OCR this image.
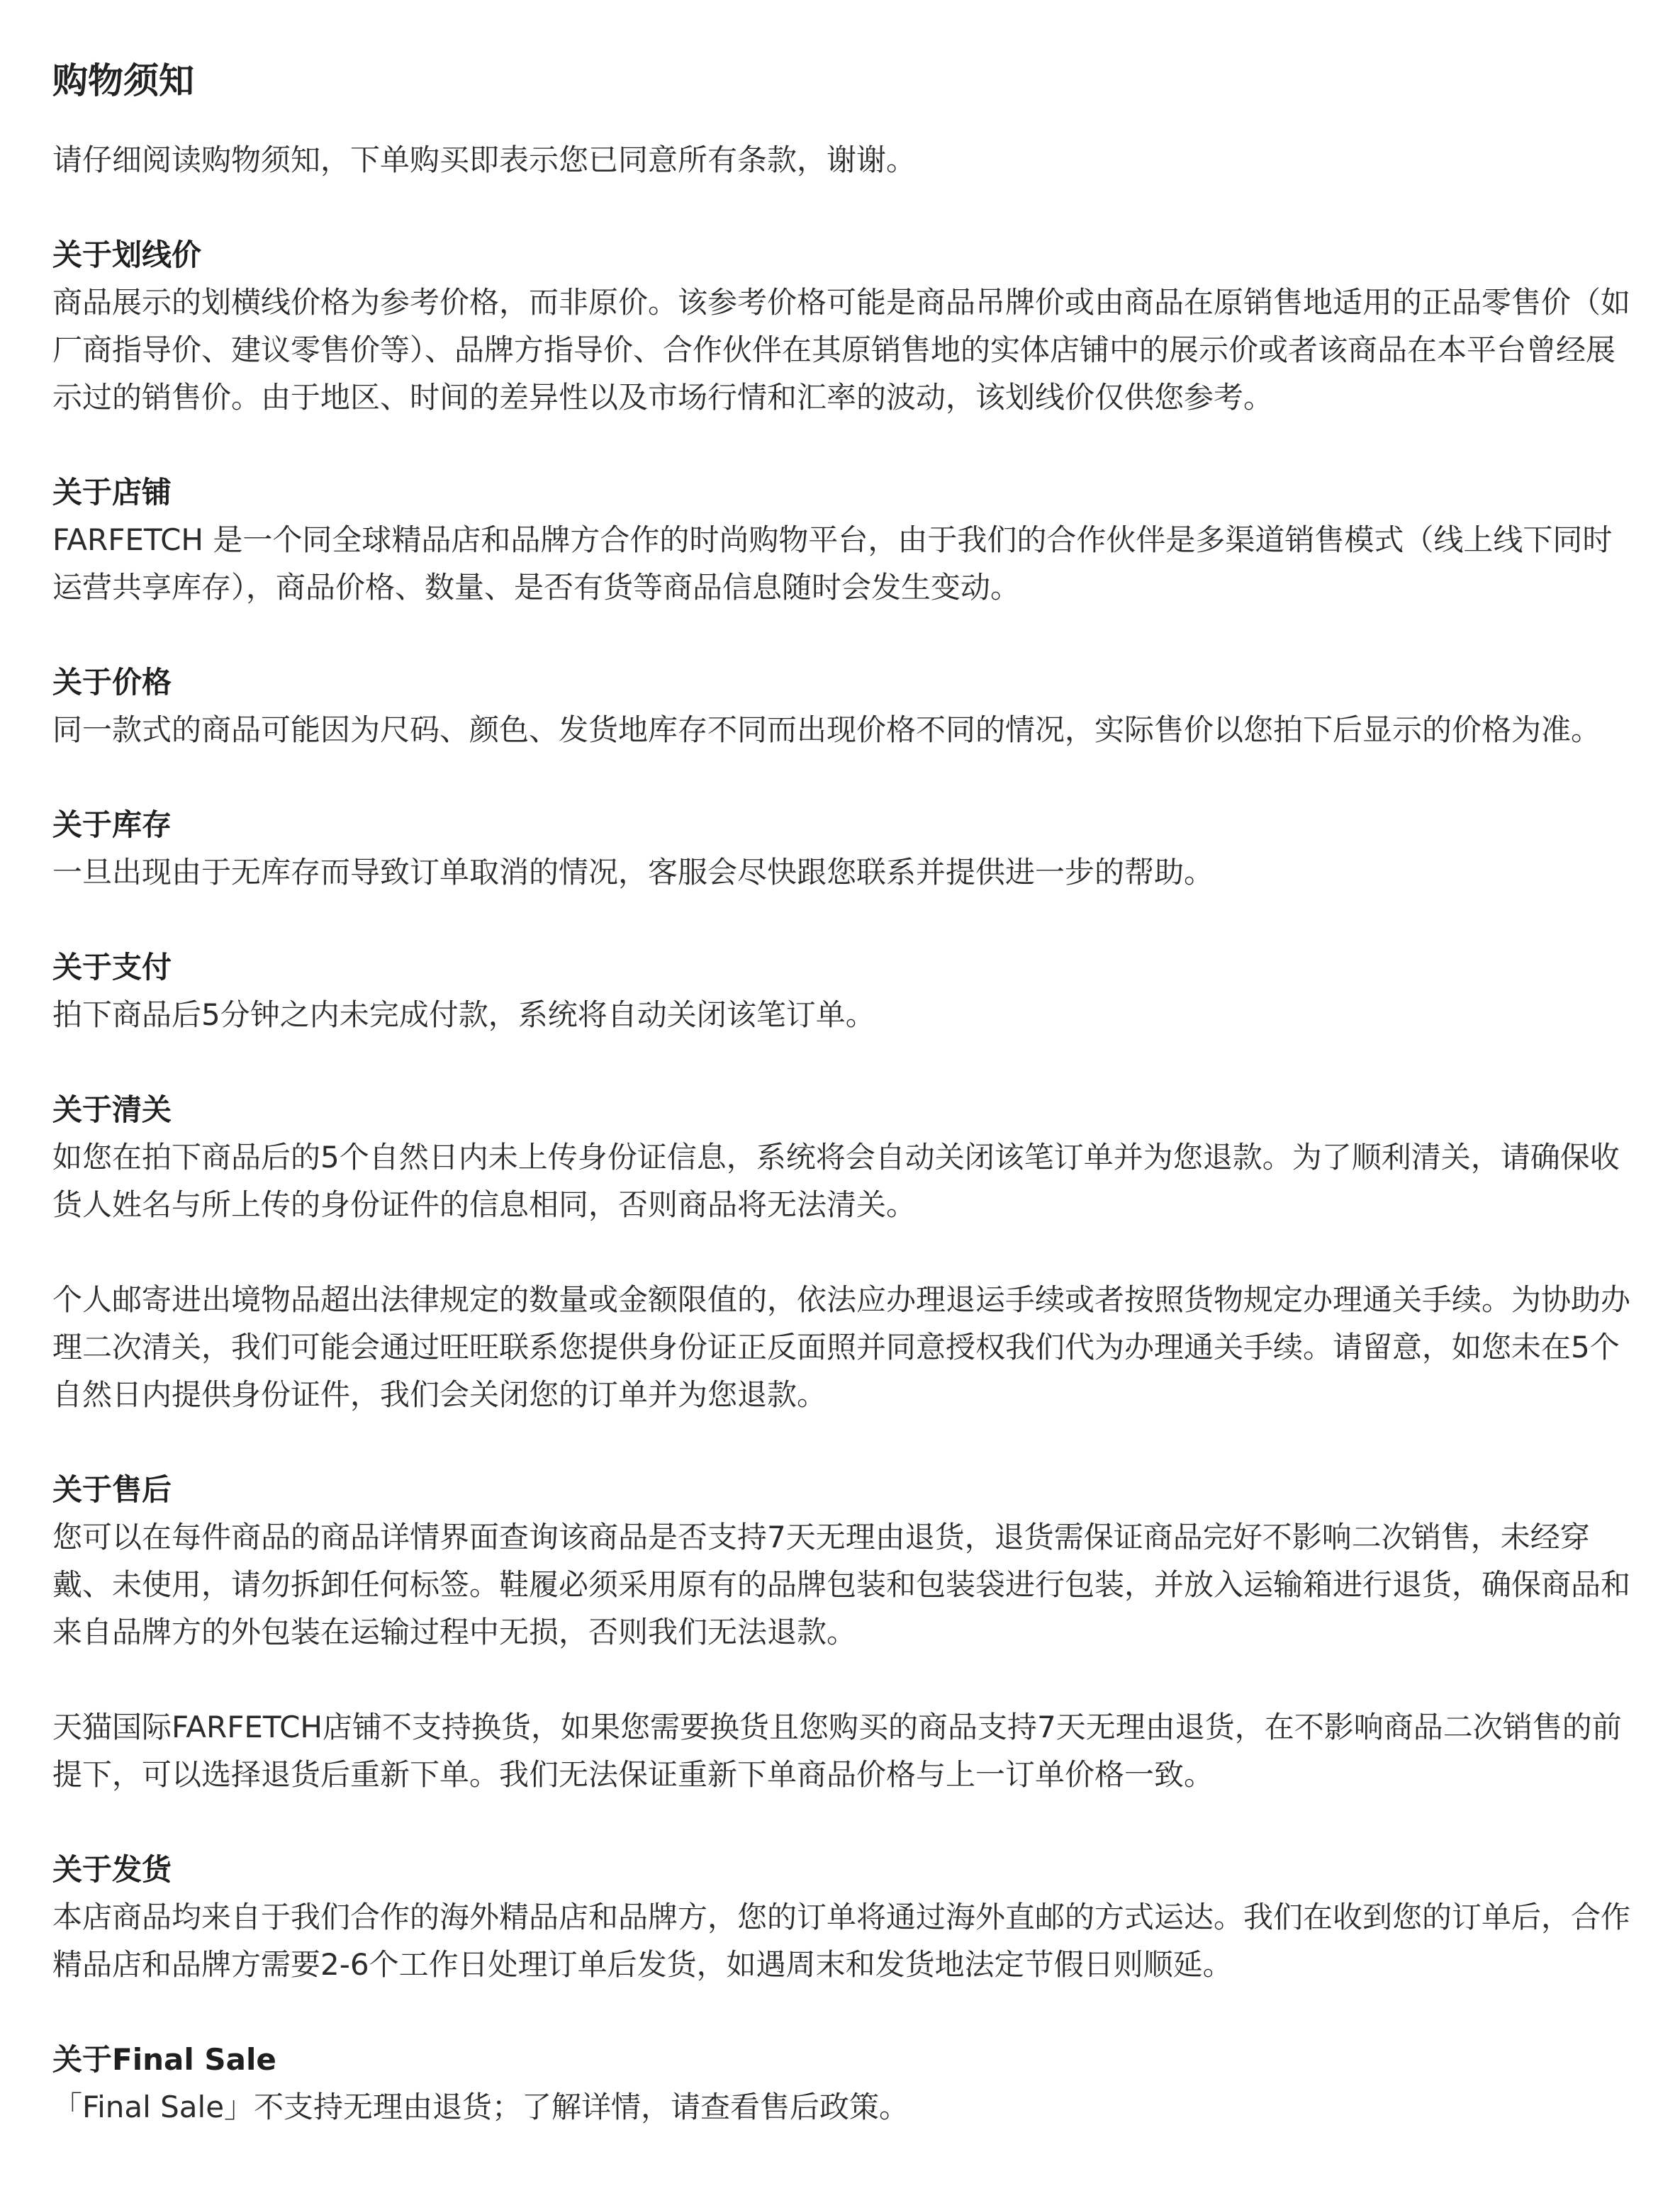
购物须知

请仔细阅读购物须知，下单购买即表示您已同意所有条款，谢谢。

关于划线价

商品展示的划横线价格为参考价格，而非原价。该参考价格可能是商品吊牌价或由商品在原销售地适用的正品零售价（如厂商指导价、建议零售价等）、品牌方指导价、合作伙伴在其原销售地的实体店铺中的展示价或者该商品在本平台曾经展示过的销售价。由于地区、时间的差异性以及市场行情和汇率的波动，该划线价仅供您参考。

关于店铺

FARFETCH 是一个同全球精品店和品牌方合作的时尚购物平台，由于我们的合作伙伴是多渠道销售模式（线上线下同时运营共享库存），商品价格、数量、是否有货等商品信息随时会发生变动。

关于价格

同一款式的商品可能因为尺码、颜色、发货地库存不同而出现价格不同的情况，实际售价以您拍下后显示的价格为准。

关于库存

一旦出现由于无库存而导致订单取消的情况，客服会尽快跟您联系并提供进一步的帮助。

关于支付

拍下商品后5分钟之内未完成付款，系统将自动关闭该笔订单。

关于清关

如您在拍下商品后的5个自然日内未上传身份证信息，系统将会自动关闭该笔订单并为您退款。为了顺利清关，请确保收货人姓名与所上传的身份证件的信息相同，否则商品将无法清关。

个人邮寄进出境物品超出法律规定的数量或金额限值的，依法应办理退运手续或者按照货物规定办理通关手续。为协助办理二次清关，我们可能会通过旺旺联系您提供身份证正反面照并同意授权我们代为办理通关手续。请留意，如您未在5个自然日内提供身份证件，我们会关闭您的订单并为您退款。

关于售后

您可以在每件商品的商品详情界面查询该商品是否支持7天无理由退货，退货需保证商品完好不影响二次销售，未经穿戴、未使用，请勿拆卸任何标签。鞋履必须采用原有的品牌包装和包装袋进行包装，并放入运输箱进行退货，确保商品和来自品牌方的外包装在运输过程中无损，否则我们无法退款。

天猫国际FARFETCH店铺不支持换货，如果您需要换货且您购买的商品支持7天无理由退货，在不影响商品二次销售的前提下，可以选择退货后重新下单。我们无法保证重新下单商品价格与上一订单价格一致。

关于发货

本店商品均来自于我们合作的海外精品店和品牌方，您的订单将通过海外直邮的方式运达。我们在收到您的订单后，合作精品店和品牌方需要2-6个工作日处理订单后发货，如遇周末和发货地法定节假日则顺延。

关于Final Sale

「Final Sale」不支持无理由退货；了解详情，请查看售后政策。
